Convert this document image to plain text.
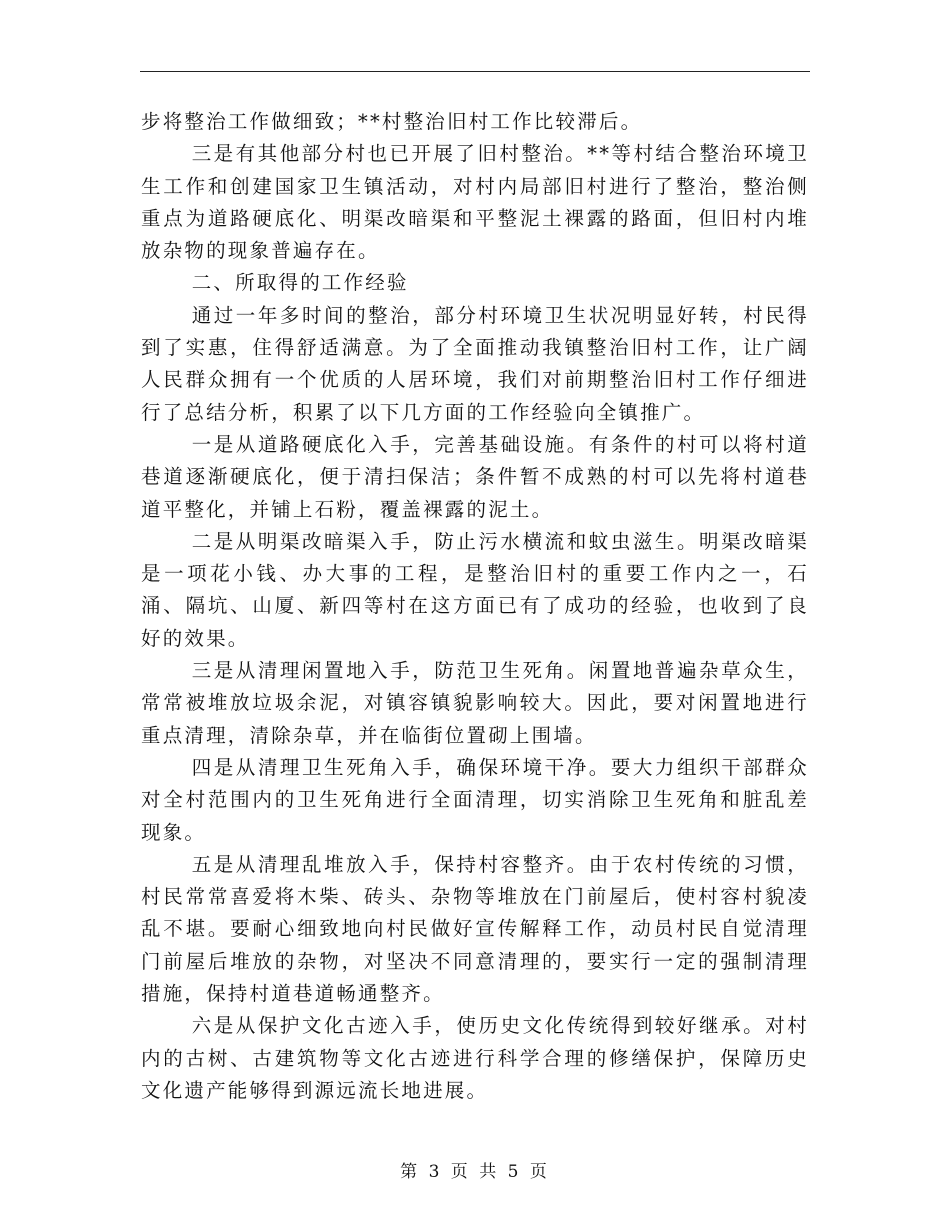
步将整治工作做细致；**村整治旧村工作比较滞后。

三是有其他部分村也已开展了旧村整治。**等村结合整治环境卫生工作和创建国家卫生镇活动，对村内局部旧村进行了整治，整治侧重点为道路硬底化、明渠改暗渠和平整泥土裸露的路面，但旧村内堆放杂物的现象普遍存在。

二、所取得的工作经验

通过一年多时间的整治，部分村环境卫生状况明显好转，村民得到了实惠，住得舒适满意。为了全面推动我镇整治旧村工作，让广阔人民群众拥有一个优质的人居环境，我们对前期整治旧村工作仔细进行了总结分析，积累了以下几方面的工作经验向全镇推广。

一是从道路硬底化入手，完善基础设施。有条件的村可以将村道巷道逐渐硬底化，便于清扫保洁；条件暂不成熟的村可以先将村道巷道平整化，并铺上石粉，覆盖裸露的泥土。

二是从明渠改暗渠入手，防止污水横流和蚊虫滋生。明渠改暗渠是一项花小钱、办大事的工程，是整治旧村的重要工作内之一，石涌、隔坑、山厦、新四等村在这方面已有了成功的经验，也收到了良好的效果。

三是从清理闲置地入手，防范卫生死角。闲置地普遍杂草众生，常常被堆放垃圾余泥，对镇容镇貌影响较大。因此，要对闲置地进行重点清理，清除杂草，并在临街位置砌上围墙。

四是从清理卫生死角入手，确保环境干净。要大力组织干部群众对全村范围内的卫生死角进行全面清理，切实消除卫生死角和脏乱差现象。

五是从清理乱堆放入手，保持村容整齐。由于农村传统的习惯，村民常常喜爱将木柴、砖头、杂物等堆放在门前屋后，使村容村貌凌乱不堪。要耐心细致地向村民做好宣传解释工作，动员村民自觉清理门前屋后堆放的杂物，对坚决不同意清理的，要实行一定的强制清理措施，保持村道巷道畅通整齐。

六是从保护文化古迹入手，使历史文化传统得到较好继承。对村内的古树、古建筑物等文化古迹进行科学合理的修缮保护，保障历史文化遗产能够得到源远流长地进展。

第 3 页 共 5 页
